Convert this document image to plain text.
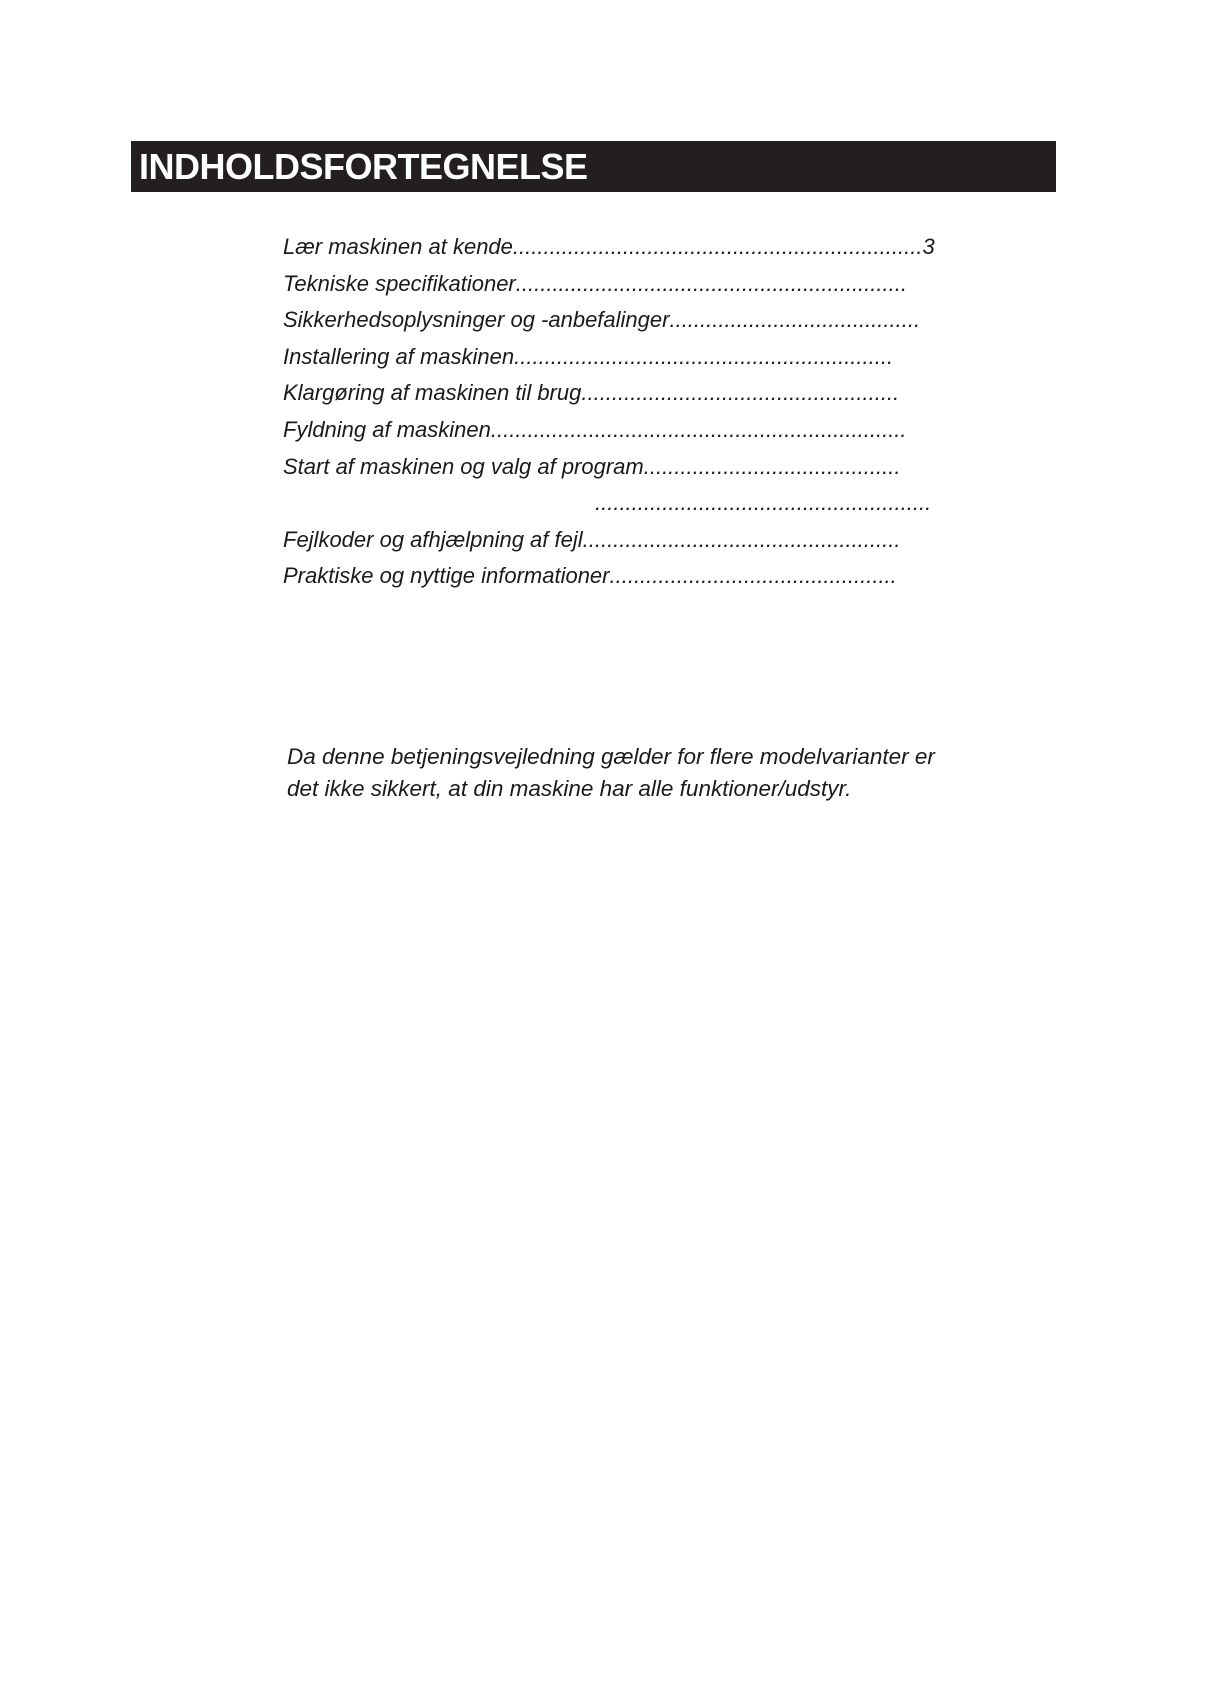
INDHOLDSFORTEGNELSE
Lær maskinen at kende...................................................................3
Tekniske specifikationer................................................................
Sikkerhedsoplysninger og -anbefalinger.........................................
Installering af maskinen..............................................................
Klargøring af maskinen til brug....................................................
Fyldning af maskinen....................................................................
Start af maskinen og valg af program..........................................
.......................................................
Fejlkoder og afhjælpning af fejl....................................................
Praktiske og nyttige informationer...............................................

Da denne betjeningsvejledning gælder for flere modelvarianter er
det ikke sikkert, at din maskine har alle funktioner/udstyr.
